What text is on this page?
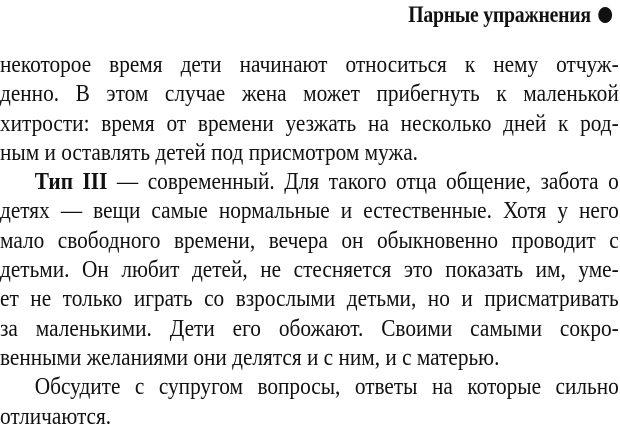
Парные упражнения
некоторое время дети начинают относиться к нему отчуж-
денно. В этом случае жена может прибегнуть к маленькой
хитрости: время от времени уезжать на несколько дней к род-
ным и оставлять детей под присмотром мужа.
Тип III — современный. Для такого отца общение, забота о
детях — вещи самые нормальные и естественные. Хотя у него
мало свободного времени, вечера он обыкновенно проводит с
детьми. Он любит детей, не стесняется это показать им, уме-
ет не только играть со взрослыми детьми, но и присматривать
за маленькими. Дети его обожают. Своими самыми сокро-
венными желаниями они делятся и с ним, и с матерью.
Обсудите с супругом вопросы, ответы на которые сильно
отличаются.
